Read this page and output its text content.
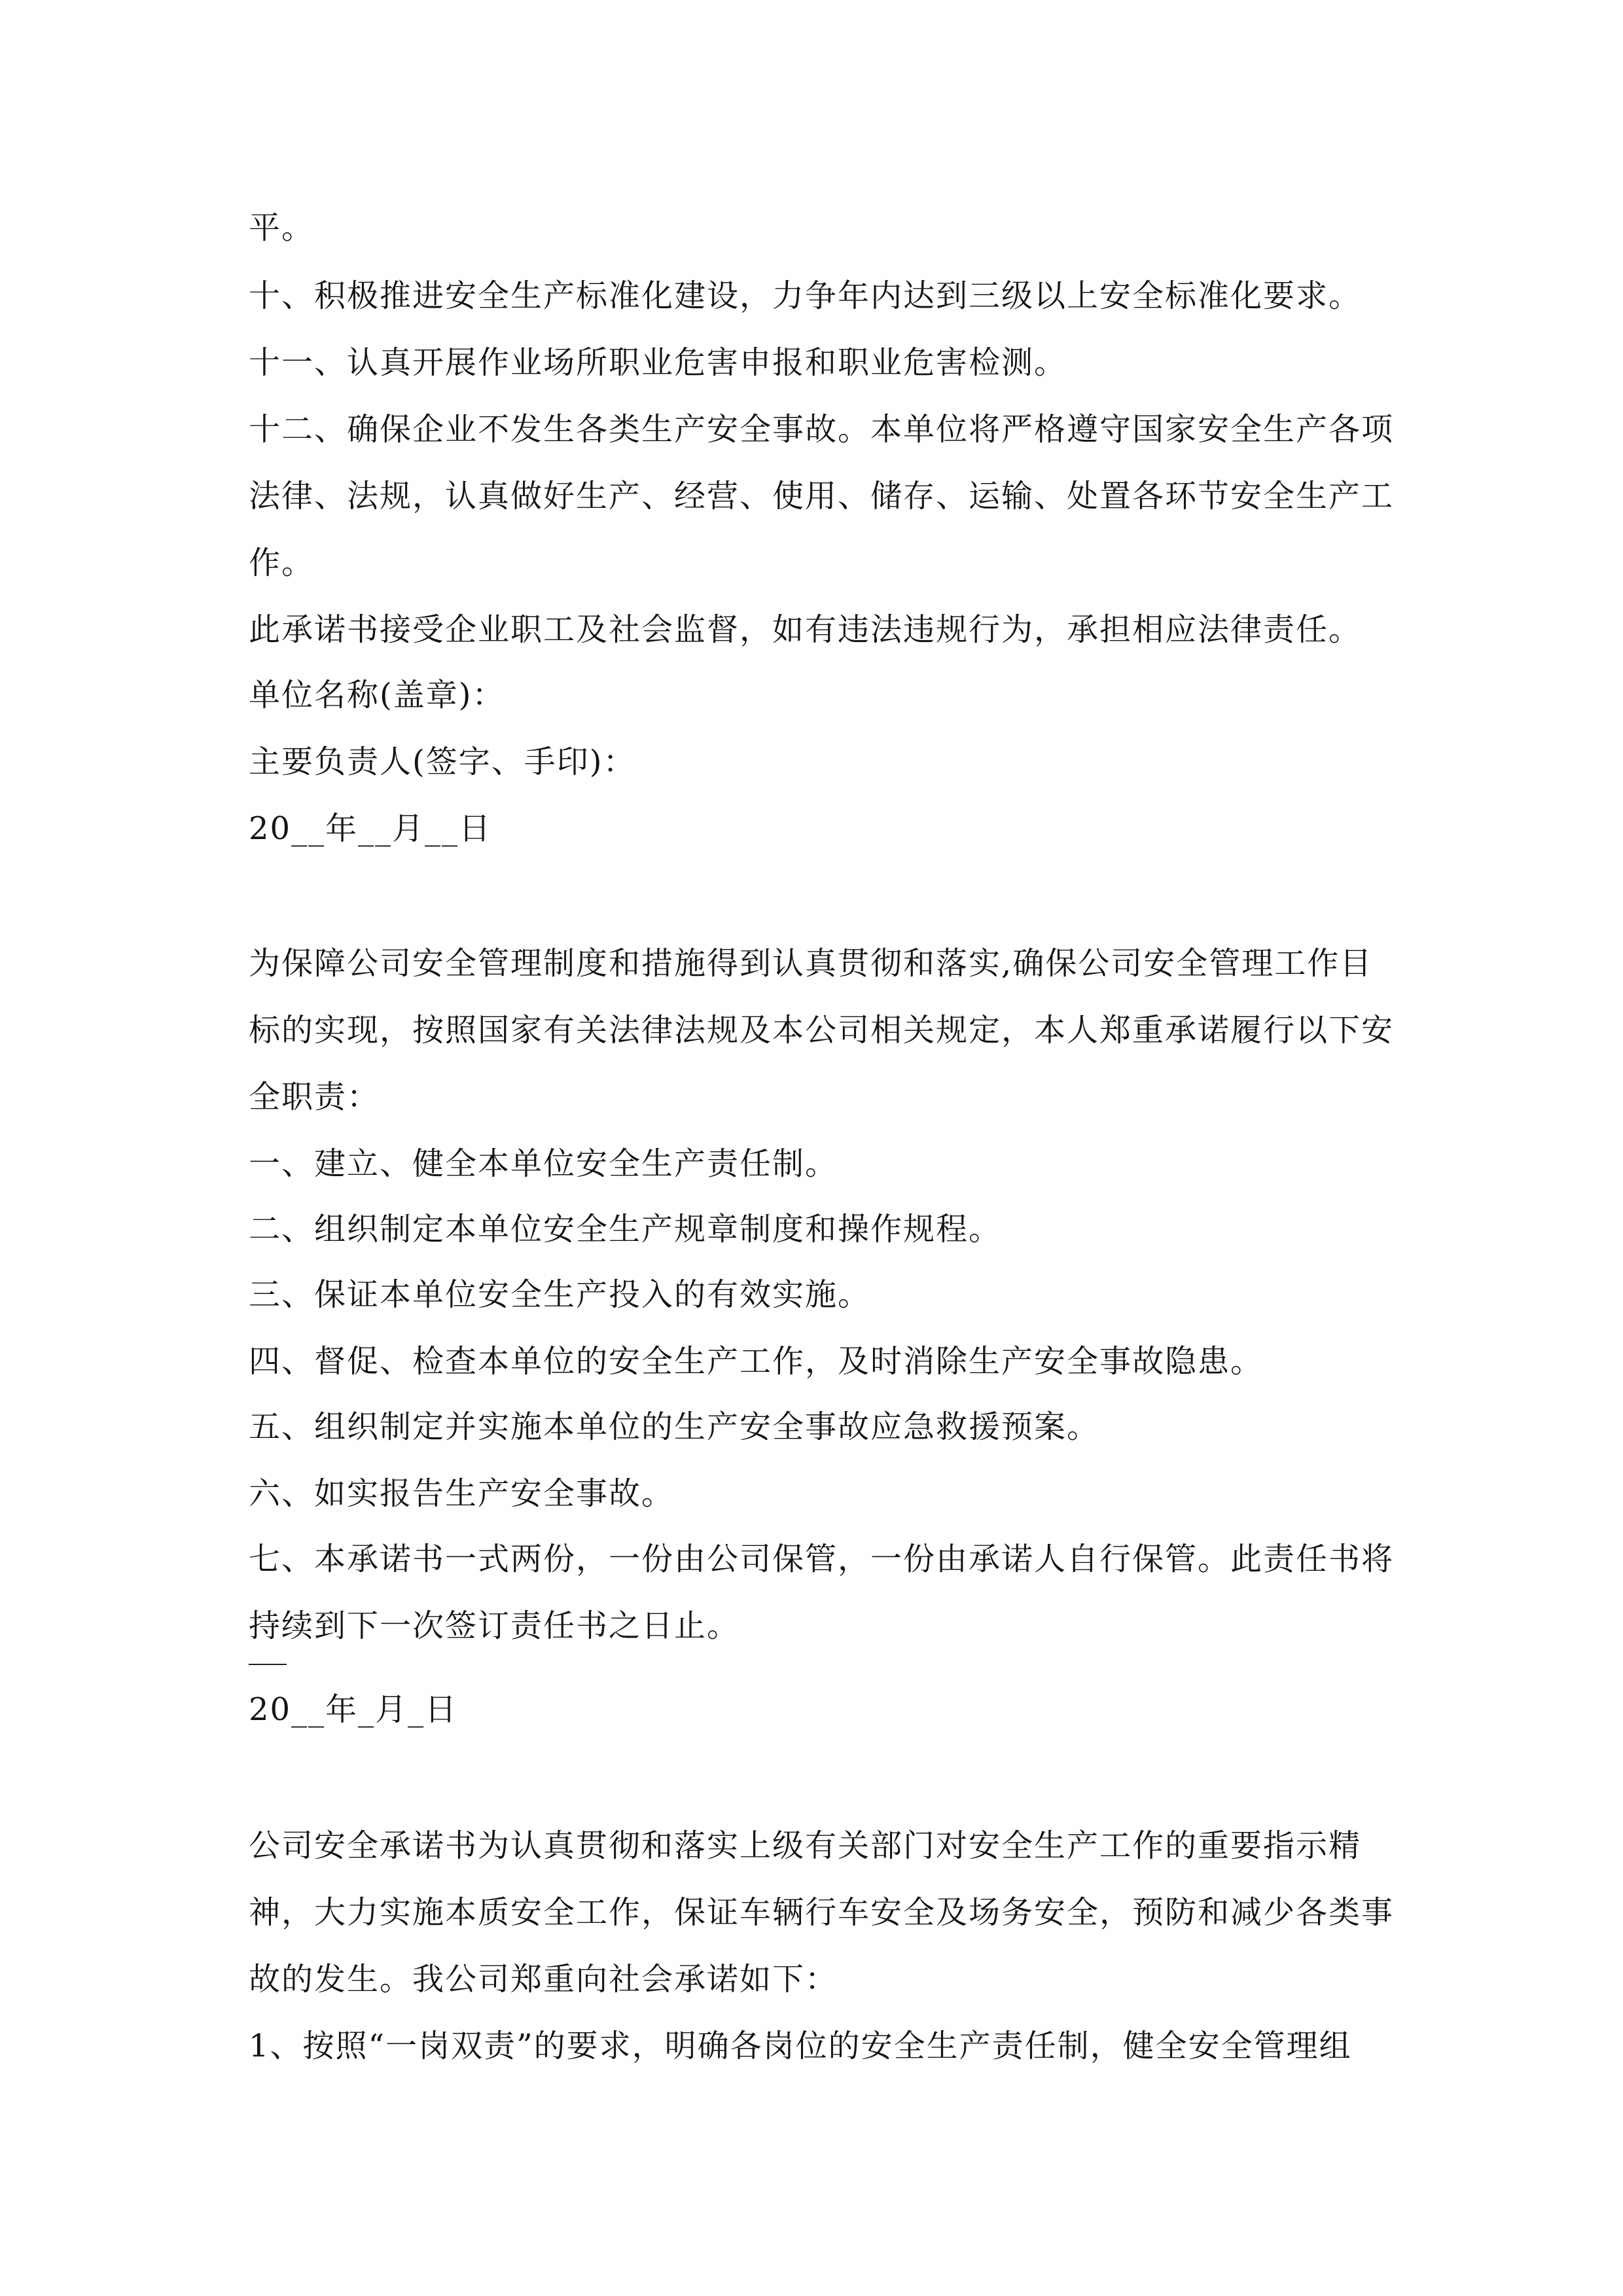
平。
十、积极推进安全生产标准化建设，力争年内达到三级以上安全标准化要求。
十一、认真开展作业场所职业危害申报和职业危害检测。
十二、确保企业不发生各类生产安全事故。本单位将严格遵守国家安全生产各项
法律、法规，认真做好生产、经营、使用、储存、运输、处置各环节安全生产工
作。
此承诺书接受企业职工及社会监督，如有违法违规行为，承担相应法律责任。
单位名称(盖章)：
主要负责人(签字、手印)：
20__年__月__日
为保障公司安全管理制度和措施得到认真贯彻和落实,确保公司安全管理工作目
标的实现，按照国家有关法律法规及本公司相关规定，本人郑重承诺履行以下安
全职责：
一、建立、健全本单位安全生产责任制。
二、组织制定本单位安全生产规章制度和操作规程。
三、保证本单位安全生产投入的有效实施。
四、督促、检查本单位的安全生产工作，及时消除生产安全事故隐患。
五、组织制定并实施本单位的生产安全事故应急救援预案。
六、如实报告生产安全事故。
七、本承诺书一式两份，一份由公司保管，一份由承诺人自行保管。此责任书将
持续到下一次签订责任书之日止。
20__年_月_日
公司安全承诺书为认真贯彻和落实上级有关部门对安全生产工作的重要指示精
神，大力实施本质安全工作，保证车辆行车安全及场务安全，预防和减少各类事
故的发生。我公司郑重向社会承诺如下：
1、按照“一岗双责”的要求，明确各岗位的安全生产责任制，健全安全管理组
